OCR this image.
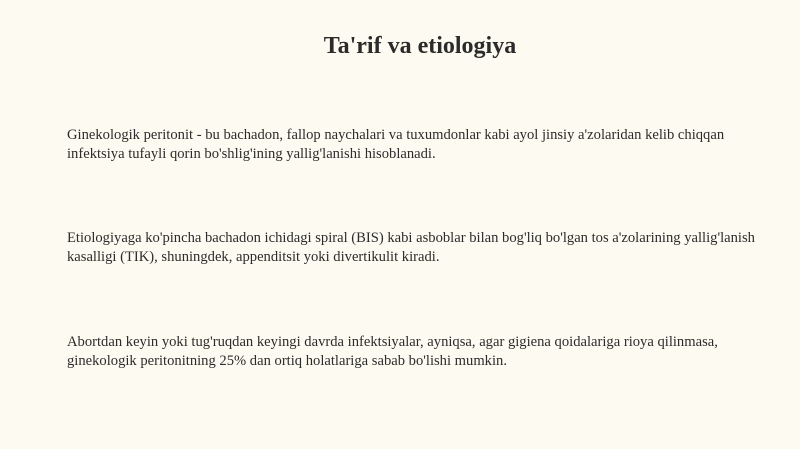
Ta'rif va etiologiya

Ginekologik peritonit - bu bachadon, fallop naychalari va tuxumdonlar kabi ayol jinsiy a'zolaridan kelib chiqqan infektsiya tufayli qorin bo'shlig'ining yallig'lanishi hisoblanadi.

Etiologiyaga ko'pincha bachadon ichidagi spiral (BIS) kabi asboblar bilan bog'liq bo'lgan tos a'zolarining yallig'lanish kasalligi (TIK), shuningdek, appenditsit yoki divertikulit kiradi.

Abortdan keyin yoki tug'ruqdan keyingi davrda infektsiyalar, ayniqsa, agar gigiena qoidalariga rioya qilinmasa, ginekologik peritonitning 25% dan ortiq holatlariga sabab bo'lishi mumkin.
